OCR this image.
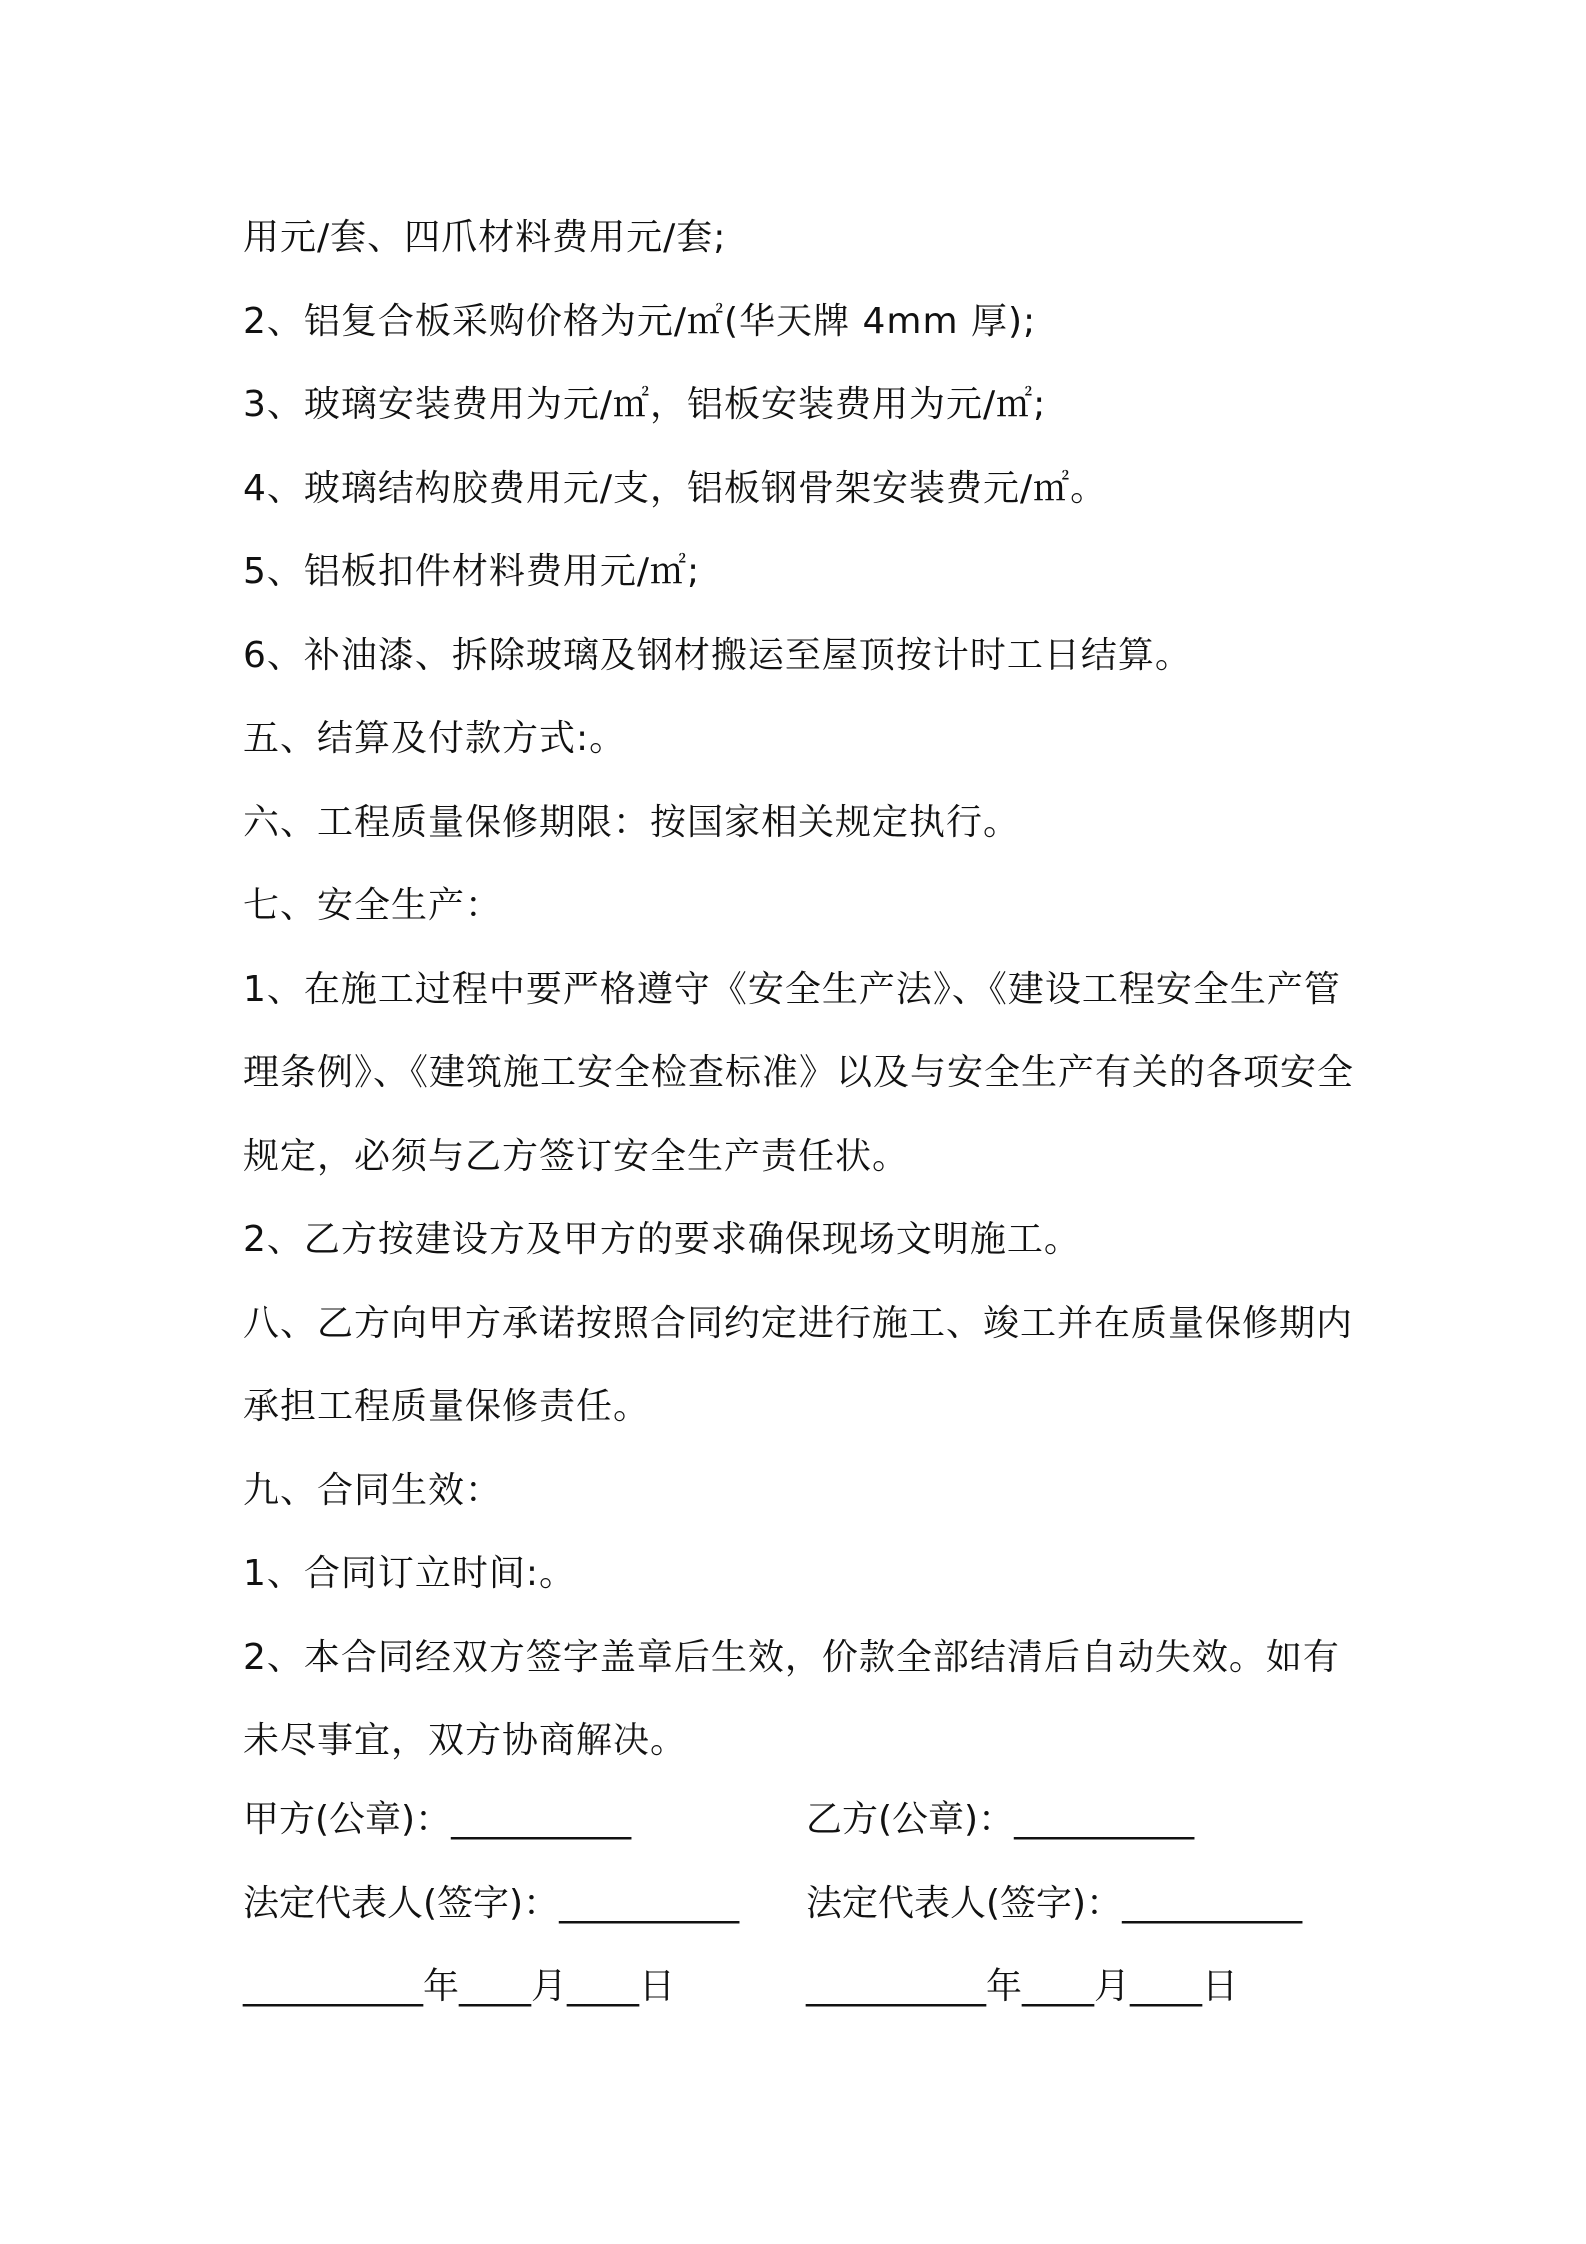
用元/套、四爪材料费用元/套;
2、铝复合板采购价格为元/㎡(华天牌 4mm 厚);
3、玻璃安装费用为元/㎡，铝板安装费用为元/㎡;
4、玻璃结构胶费用元/支，铝板钢骨架安装费元/㎡。
5、铝板扣件材料费用元/㎡;
6、补油漆、拆除玻璃及钢材搬运至屋顶按计时工日结算。
五、结算及付款方式:。
六、工程质量保修期限：按国家相关规定执行。
七、安全生产：
1、在施工过程中要严格遵守《安全生产法》、《建设工程安全生产管
理条例》、《建筑施工安全检查标准》以及与安全生产有关的各项安全
规定，必须与乙方签订安全生产责任状。
2、乙方按建设方及甲方的要求确保现场文明施工。
八、乙方向甲方承诺按照合同约定进行施工、竣工并在质量保修期内
承担工程质量保修责任。
九、合同生效：
1、合同订立时间:。
2、本合同经双方签字盖章后生效，价款全部结清后自动失效。如有
未尽事宜，双方协商解决。
甲方(公章)：__________	乙方(公章)：__________
法定代表人(签字)：__________ 法定代表人(签字)：__________
__________年____月____日	__________年____月____日
